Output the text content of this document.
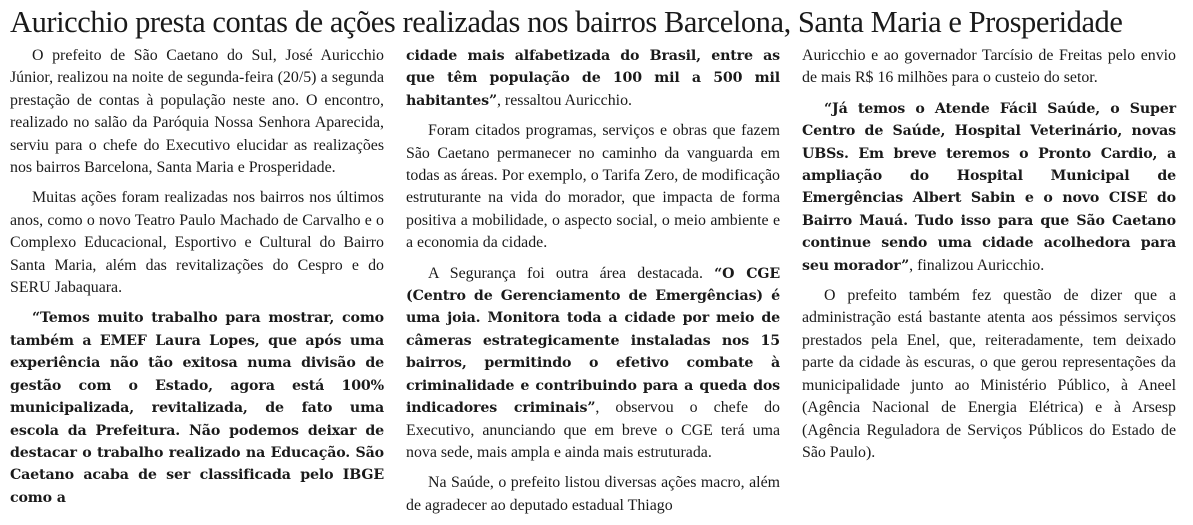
Auricchio presta contas de ações realizadas nos bairros Barcelona, Santa Maria e Prosperidade

O prefeito de São Caetano do Sul, José Auricchio Júnior, realizou na noite de segunda-feira (20/5) a segunda prestação de contas à população neste ano. O encontro, realizado no salão da Paróquia Nossa Senhora Aparecida, serviu para o chefe do Executivo elucidar as realizações nos bairros Barcelona, Santa Maria e Prosperidade.

Muitas ações foram realizadas nos bairros nos últimos anos, como o novo Teatro Paulo Machado de Carvalho e o Complexo Educacional, Esportivo e Cultural do Bairro Santa Maria, além das revitalizações do Cespro e do SERU Jabaquara.

“Temos muito trabalho para mostrar, como também a EMEF Laura Lopes, que após uma experiência não tão exitosa numa divisão de gestão com o Estado, agora está 100% municipalizada, revitalizada, de fato uma escola da Prefeitura. Não podemos deixar de destacar o trabalho realizado na Educação. São Caetano acaba de ser classificada pelo IBGE como a

cidade mais alfabetizada do Brasil, entre as que têm população de 100 mil a 500 mil habitantes”, ressaltou Auricchio.

Foram citados programas, serviços e obras que fazem São Caetano permanecer no caminho da vanguarda em todas as áreas. Por exemplo, o Tarifa Zero, de modificação estruturante na vida do morador, que impacta de forma positiva a mobilidade, o aspecto social, o meio ambiente e a economia da cidade.

A Segurança foi outra área destacada. “O CGE (Centro de Gerenciamento de Emergências) é uma joia. Monitora toda a cidade por meio de câmeras estrategicamente instaladas nos 15 bairros, permitindo o efetivo combate à criminalidade e contribuindo para a queda dos indicadores criminais”, observou o chefe do Executivo, anunciando que em breve o CGE terá uma nova sede, mais ampla e ainda mais estruturada.

Na Saúde, o prefeito listou diversas ações macro, além de agradecer ao deputado estadual Thiago

Auricchio e ao governador Tarcísio de Freitas pelo envio de mais R$ 16 milhões para o custeio do setor.

“Já temos o Atende Fácil Saúde, o Super Centro de Saúde, Hospital Veterinário, novas UBSs. Em breve teremos o Pronto Cardio, a ampliação do Hospital Municipal de Emergências Albert Sabin e o novo CISE do Bairro Mauá. Tudo isso para que São Caetano continue sendo uma cidade acolhedora para seu morador”, finalizou Auricchio.

O prefeito também fez questão de dizer que a administração está bastante atenta aos péssimos serviços prestados pela Enel, que, reiteradamente, tem deixado parte da cidade às escuras, o que gerou representações da municipalidade junto ao Ministério Público, à Aneel (Agência Nacional de Energia Elétrica) e à Arsesp (Agência Reguladora de Serviços Públicos do Estado de São Paulo).
